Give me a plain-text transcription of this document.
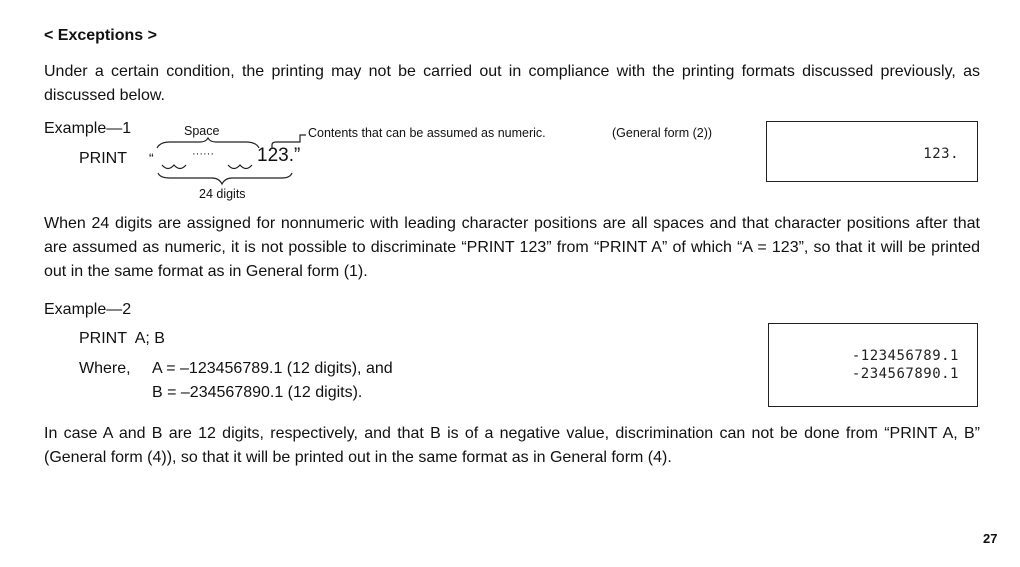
< Exceptions >
Under a certain condition, the printing may not be carried out in compliance with the printing formats discussed previously, as discussed below.
Example—1	Space	Contents that can be assumed as numeric.	(General form (2))
PRINT “	······ 123.”
24 digits
123.
When 24 digits are assigned for nonnumeric with leading character positions are all spaces and that character positions after that are assumed as numeric, it is not possible to discriminate “PRINT 123” from “PRINT A” of which “A = 123”, so that it will be printed out in the same format as in General form (1).
Example—2
PRINT  A; B
Where, A = –123456789.1 (12 digits), and
B = –234567890.1 (12 digits).
-123456789.1
-234567890.1
In case A and B are 12 digits, respectively, and that B is of a negative value, discrimination can not be done from “PRINT A, B” (General form (4)), so that it will be printed out in the same format as in General form (4).
27
